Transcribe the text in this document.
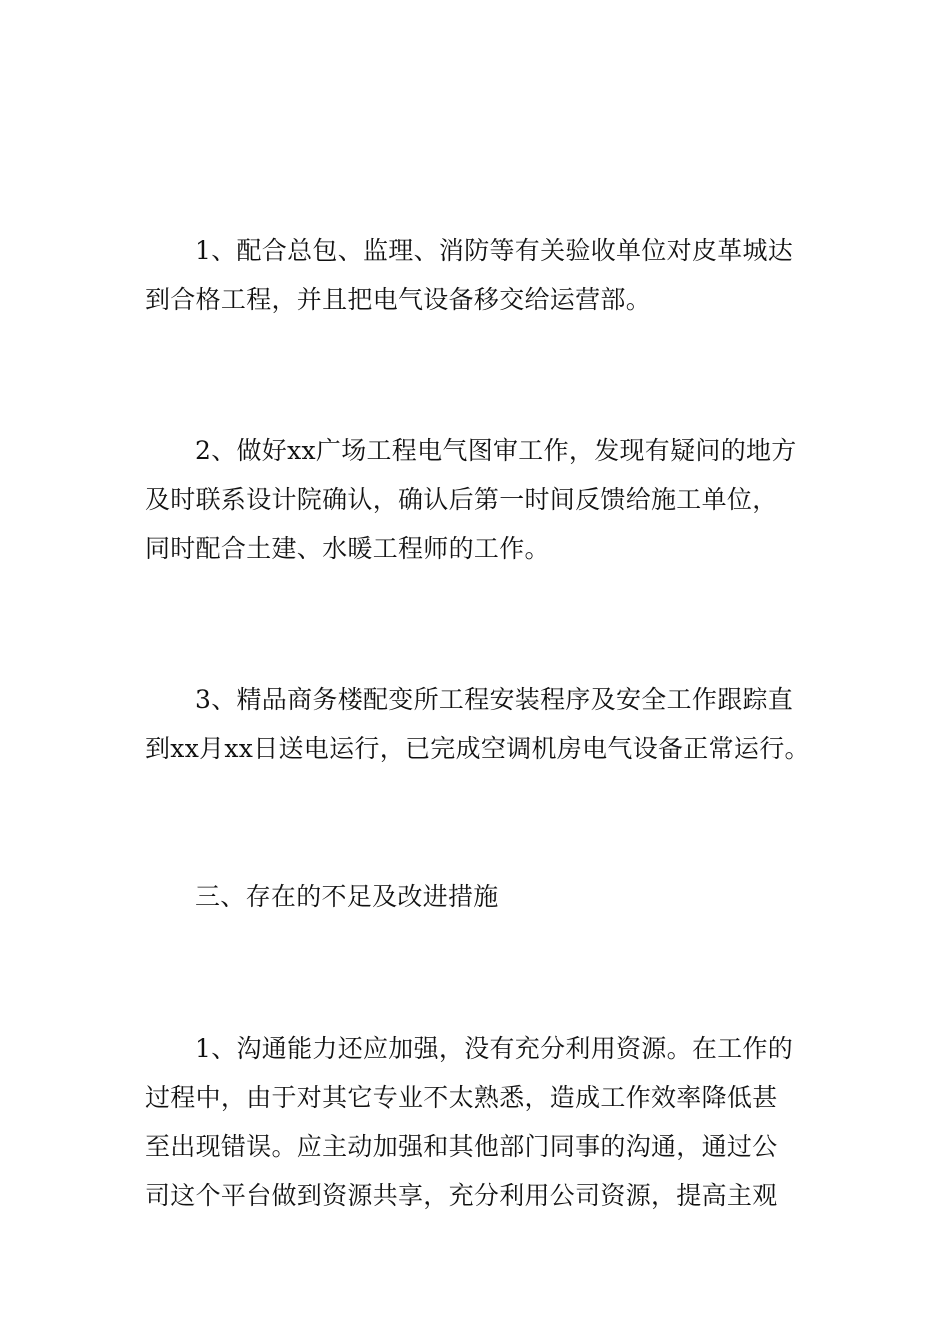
1、配合总包、监理、消防等有关验收单位对皮革城达
到合格工程，并且把电气设备移交给运营部。
2、做好xx广场工程电气图审工作，发现有疑问的地方
及时联系设计院确认，确认后第一时间反馈给施工单位，
同时配合土建、水暖工程师的工作。
3、精品商务楼配变所工程安装程序及安全工作跟踪直
到xx月xx日送电运行，已完成空调机房电气设备正常运行。
三、存在的不足及改进措施
1、沟通能力还应加强，没有充分利用资源。在工作的
过程中，由于对其它专业不太熟悉，造成工作效率降低甚
至出现错误。应主动加强和其他部门同事的沟通，通过公
司这个平台做到资源共享，充分利用公司资源，提高主观
